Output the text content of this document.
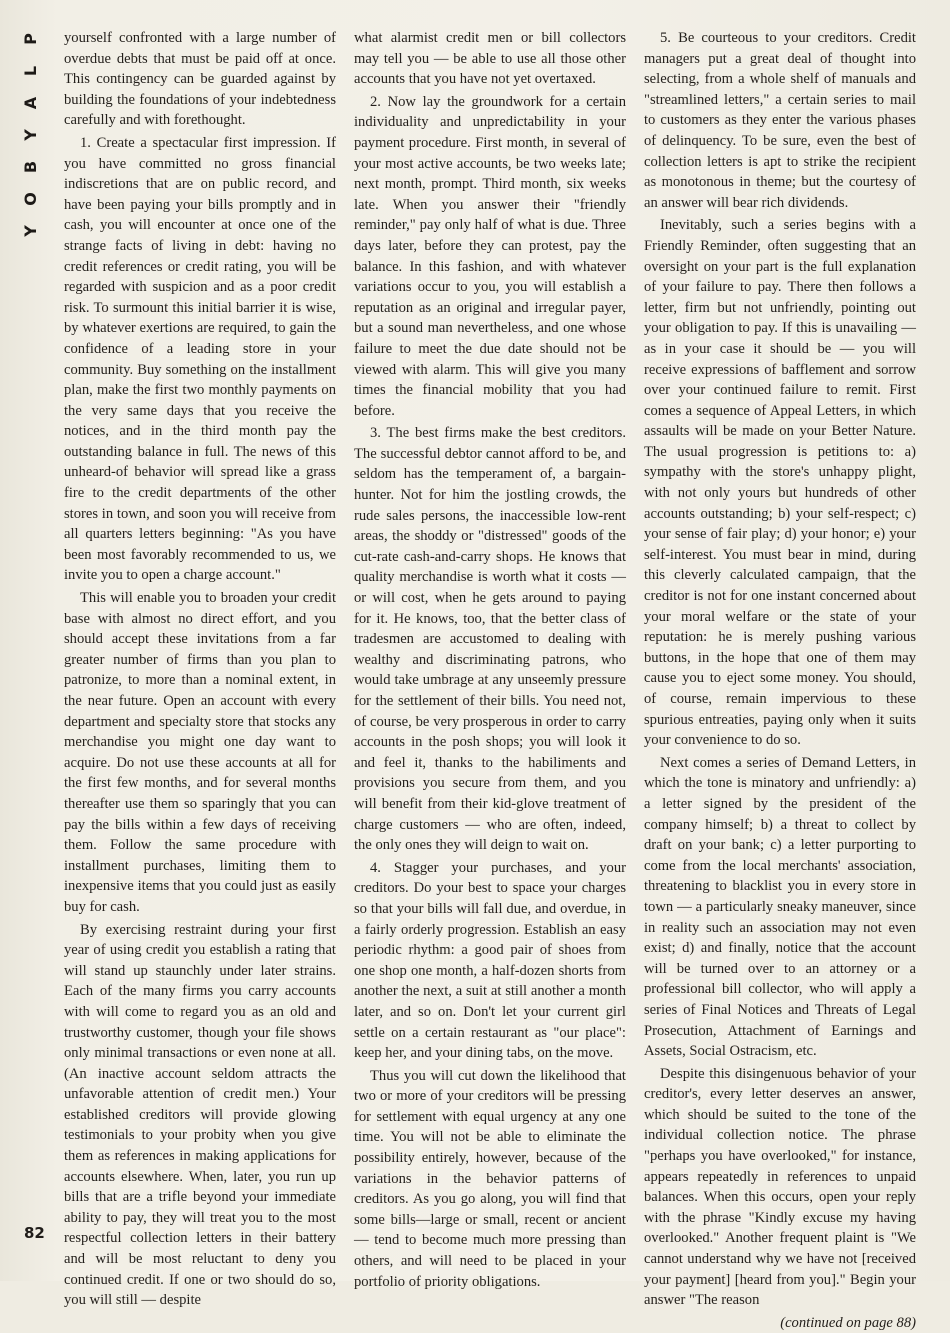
P
L
A
Y
B
O
Y

yourself confronted with a large number of overdue debts that must be paid off at once. This contingency can be guarded against by building the foundations of your indebtedness carefully and with forethought.

1. Create a spectacular first impression. If you have committed no gross financial indiscretions that are on public record, and have been paying your bills promptly and in cash, you will encounter at once one of the strange facts of living in debt: having no credit references or credit rating, you will be regarded with suspicion and as a poor credit risk. To surmount this initial barrier it is wise, by whatever exertions are required, to gain the confidence of a leading store in your community. Buy something on the installment plan, make the first two monthly payments on the very same days that you receive the notices, and in the third month pay the outstanding balance in full. The news of this unheard-of behavior will spread like a grass fire to the credit departments of the other stores in town, and soon you will receive from all quarters letters beginning: "As you have been most favorably recommended to us, we invite you to open a charge account."

This will enable you to broaden your credit base with almost no direct effort, and you should accept these invitations from a far greater number of firms than you plan to patronize, to more than a nominal extent, in the near future. Open an account with every department and specialty store that stocks any merchandise you might one day want to acquire. Do not use these accounts at all for the first few months, and for several months thereafter use them so sparingly that you can pay the bills within a few days of receiving them. Follow the same procedure with installment purchases, limiting them to inexpensive items that you could just as easily buy for cash.

By exercising restraint during your first year of using credit you establish a rating that will stand up staunchly under later strains. Each of the many firms you carry accounts with will come to regard you as an old and trustworthy customer, though your file shows only minimal transactions or even none at all. (An inactive account seldom attracts the unfavorable attention of credit men.) Your established creditors will provide glowing testimonials to your probity when you give them as references in making applications for accounts elsewhere. When, later, you run up bills that are a trifle beyond your immediate ability to pay, they will treat you to the most respectful collection letters in their battery and will be most reluctant to deny you continued credit. If one or two should do so, you will still — despite

what alarmist credit men or bill collectors may tell you — be able to use all those other accounts that you have not yet overtaxed.

2. Now lay the groundwork for a certain individuality and unpredictability in your payment procedure. First month, in several of your most active accounts, be two weeks late; next month, prompt. Third month, six weeks late. When you answer their "friendly reminder," pay only half of what is due. Three days later, before they can protest, pay the balance. In this fashion, and with whatever variations occur to you, you will establish a reputation as an original and irregular payer, but a sound man nevertheless, and one whose failure to meet the due date should not be viewed with alarm. This will give you many times the financial mobility that you had before.

3. The best firms make the best creditors. The successful debtor cannot afford to be, and seldom has the temperament of, a bargain-hunter. Not for him the jostling crowds, the rude sales persons, the inaccessible low-rent areas, the shoddy or "distressed" goods of the cut-rate cash-and-carry shops. He knows that quality merchandise is worth what it costs — or will cost, when he gets around to paying for it. He knows, too, that the better class of tradesmen are accustomed to dealing with wealthy and discriminating patrons, who would take umbrage at any unseemly pressure for the settlement of their bills. You need not, of course, be very prosperous in order to carry accounts in the posh shops; you will look it and feel it, thanks to the habiliments and provisions you secure from them, and you will benefit from their kid-glove treatment of charge customers — who are often, indeed, the only ones they will deign to wait on.

4. Stagger your purchases, and your creditors. Do your best to space your charges so that your bills will fall due, and overdue, in a fairly orderly progression. Establish an easy periodic rhythm: a good pair of shoes from one shop one month, a half-dozen shorts from another the next, a suit at still another a month later, and so on. Don't let your current girl settle on a certain restaurant as "our place": keep her, and your dining tabs, on the move.

Thus you will cut down the likelihood that two or more of your creditors will be pressing for settlement with equal urgency at any one time. You will not be able to eliminate the possibility entirely, however, because of the variations in the behavior patterns of creditors. As you go along, you will find that some bills—large or small, recent or ancient — tend to become much more pressing than others, and will need to be placed in your portfolio of priority obligations.

5. Be courteous to your creditors. Credit managers put a great deal of thought into selecting, from a whole shelf of manuals and "streamlined letters," a certain series to mail to customers as they enter the various phases of delinquency. To be sure, even the best of collection letters is apt to strike the recipient as monotonous in theme; but the courtesy of an answer will bear rich dividends.

Inevitably, such a series begins with a Friendly Reminder, often suggesting that an oversight on your part is the full explanation of your failure to pay. There then follows a letter, firm but not unfriendly, pointing out your obligation to pay. If this is unavailing — as in your case it should be — you will receive expressions of bafflement and sorrow over your continued failure to remit. First comes a sequence of Appeal Letters, in which assaults will be made on your Better Nature. The usual progression is petitions to: a) sympathy with the store's unhappy plight, with not only yours but hundreds of other accounts outstanding; b) your self-respect; c) your sense of fair play; d) your honor; e) your self-interest. You must bear in mind, during this cleverly calculated campaign, that the creditor is not for one instant concerned about your moral welfare or the state of your reputation: he is merely pushing various buttons, in the hope that one of them may cause you to eject some money. You should, of course, remain impervious to these spurious entreaties, paying only when it suits your convenience to do so.

Next comes a series of Demand Letters, in which the tone is minatory and unfriendly: a) a letter signed by the president of the company himself; b) a threat to collect by draft on your bank; c) a letter purporting to come from the local merchants' association, threatening to blacklist you in every store in town — a particularly sneaky maneuver, since in reality such an association may not even exist; d) and finally, notice that the account will be turned over to an attorney or a professional bill collector, who will apply a series of Final Notices and Threats of Legal Prosecution, Attachment of Earnings and Assets, Social Ostracism, etc.

Despite this disingenuous behavior of your creditor's, every letter deserves an answer, which should be suited to the tone of the individual collection notice. The phrase "perhaps you have overlooked," for instance, appears repeatedly in references to unpaid balances. When this occurs, open your reply with the phrase "Kindly excuse my having overlooked." Another frequent plaint is "We cannot understand why we have not [received your payment] [heard from you]." Begin your answer "The reason

(continued on page 88)

82
